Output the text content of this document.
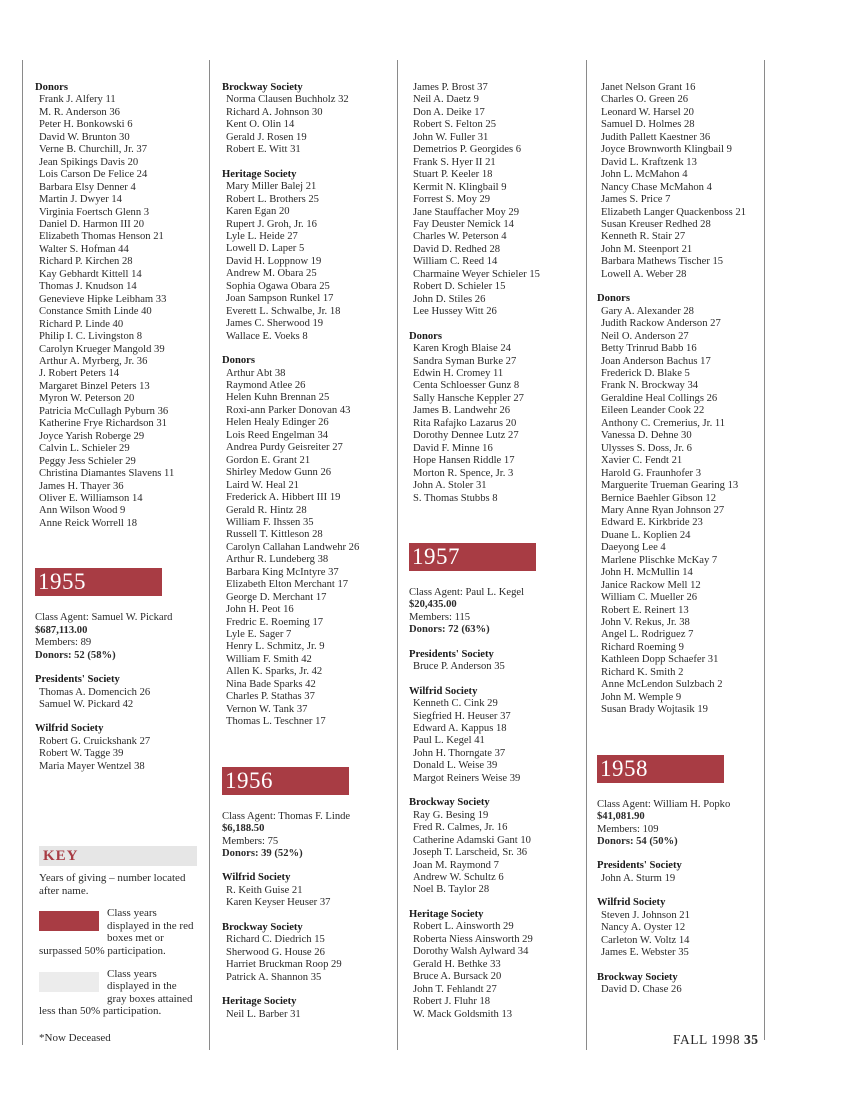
Donors
Frank J. Alfery 11
M. R. Anderson 36
Peter H. Bonkowski 6
David W. Brunton 30
Verne B. Churchill, Jr. 37
Jean Spikings Davis 20
Lois Carson De Felice 24
Barbara Elsy Denner 4
Martin J. Dwyer 14
Virginia Foertsch Glenn 3
Daniel D. Harmon III 20
Elizabeth Thomas Henson 21
Walter S. Hofman 44
Richard P. Kirchen 28
Kay Gebhardt Kittell 14
Thomas J. Knudson 14
Genevieve Hipke Leibham 33
Constance Smith Linde 40
Richard P. Linde 40
Philip I. C. Livingston 8
Carolyn Krueger Mangold 39
Arthur A. Myrberg, Jr. 36
J. Robert Peters 14
Margaret Binzel Peters 13
Myron W. Peterson 20
Patricia McCullagh Pyburn 36
Katherine Frye Richardson 31
Joyce Yarish Roberge 29
Calvin L. Schieler 29
Peggy Jess Schieler 29
Christina Diamantes Slavens 11
James H. Thayer 36
Oliver E. Williamson 14
Ann Wilson Wood 9
Anne Reick Worrell 18
1955
Class Agent: Samuel W. Pickard
$687,113.00
Members: 89
Donors: 52 (58%)
Presidents' Society
Thomas A. Domencich 26
Samuel W. Pickard 42
Wilfrid Society
Robert G. Cruickshank 27
Robert W. Tagge 39
Maria Mayer Wentzel 38
KEY
Years of giving – number located after name.
Class years displayed in the red boxes met or surpassed 50% participation.
Class years displayed in the gray boxes attained less than 50% participation.
*Now Deceased
Brockway Society
Norma Clausen Buchholz 32
Richard A. Johnson 30
Kent O. Olin 14
Gerald J. Rosen 19
Robert E. Witt 31
Heritage Society
Mary Miller Balej 21
Robert L. Brothers 25
Karen Egan 20
Rupert J. Groh, Jr. 16
Lyle L. Heide 27
Lowell D. Laper 5
David H. Loppnow 19
Andrew M. Obara 25
Sophia Ogawa Obara 25
Joan Sampson Runkel 17
Everett L. Schwalbe, Jr. 18
James C. Sherwood 19
Wallace E. Voeks 8
Donors
Arthur Abt 38
Raymond Atlee 26
Helen Kuhn Brennan 25
Roxi-ann Parker Donovan 43
Helen Healy Edinger 26
Lois Reed Engelman 34
Andrea Purdy Geisreiter 27
Gordon E. Grant 21
Shirley Medow Gunn 26
Laird W. Heal 21
Frederick A. Hibbert III 19
Gerald R. Hintz 28
William F. Ihssen 35
Russell T. Kittleson 28
Carolyn Callahan Landwehr 26
Arthur R. Lundeberg 38
Barbara King McIntyre 37
Elizabeth Elton Merchant 17
George D. Merchant 17
John H. Peot 16
Fredric E. Roeming 17
Lyle E. Sager 7
Henry L. Schmitz, Jr. 9
William F. Smith 42
Allen K. Sparks, Jr. 42
Nina Bade Sparks 42
Charles P. Stathas 37
Vernon W. Tank 37
Thomas L. Teschner 17
1956
Class Agent: Thomas F. Linde
$6,188.50
Members: 75
Donors: 39 (52%)
Wilfrid Society
R. Keith Guise 21
Karen Keyser Heuser 37
Brockway Society
Richard C. Diedrich 15
Sherwood G. House 26
Harriet Bruckman Roop 29
Patrick A. Shannon 35
Heritage Society
Neil L. Barber 31
James P. Brost 37
Neil A. Daetz 9
Don A. Deike 17
Robert S. Felton 25
John W. Fuller 31
Demetrios P. Georgides 6
Frank S. Hyer II 21
Stuart P. Keeler 18
Kermit N. Klingbail 9
Forrest S. Moy 29
Jane Stauffacher Moy 29
Fay Deuster Nemick 14
Charles W. Peterson 4
David D. Redhed 28
William C. Reed 14
Charmaine Weyer Schieler 15
Robert D. Schieler 15
John D. Stiles 26
Lee Hussey Witt 26
Donors
Karen Krogh Blaise 24
Sandra Syman Burke 27
Edwin H. Cromey 11
Centa Schloesser Gunz 8
Sally Hansche Keppler 27
James B. Landwehr 26
Rita Rafajko Lazarus 20
Dorothy Dennee Lutz 27
David F. Minne 16
Hope Hansen Riddle 17
Morton R. Spence, Jr. 3
John A. Stoler 31
S. Thomas Stubbs 8
1957
Class Agent: Paul L. Kegel
$20,435.00
Members: 115
Donors: 72 (63%)
Presidents' Society
Bruce P. Anderson 35
Wilfrid Society
Kenneth C. Cink 29
Siegfried H. Heuser 37
Edward A. Kappus 18
Paul L. Kegel 41
John H. Thorngate 37
Donald L. Weise 39
Margot Reiners Weise 39
Brockway Society
Ray G. Besing 19
Fred R. Calmes, Jr. 16
Catherine Adamski Gant 10
Joseph T. Larscheid, Sr. 36
Joan M. Raymond 7
Andrew W. Schultz 6
Noel B. Taylor 28
Heritage Society
Robert L. Ainsworth 29
Roberta Niess Ainsworth 29
Dorothy Walsh Aylward 34
Gerald H. Bethke 33
Bruce A. Bursack 20
John T. Fehlandt 27
Robert J. Fluhr 18
W. Mack Goldsmith 13
Janet Nelson Grant 16
Charles O. Green 26
Leonard W. Harsel 20
Samuel D. Holmes 28
Judith Pallett Kaestner 36
Joyce Brownworth Klingbail 9
David L. Kraftzenk 13
John L. McMahon 4
Nancy Chase McMahon 4
James S. Price 7
Elizabeth Langer Quackenboss 21
Susan Kreuser Redhed 28
Kenneth R. Stair 27
John M. Steenport 21
Barbara Mathews Tischer 15
Lowell A. Weber 28
Donors
Gary A. Alexander 28
Judith Rackow Anderson 27
Neil O. Anderson 27
Betty Trinrud Babb 16
Joan Anderson Bachus 17
Frederick D. Blake 5
Frank N. Brockway 34
Geraldine Heal Collings 26
Eileen Leander Cook 22
Anthony C. Cremerius, Jr. 11
Vanessa D. Dehne 30
Ulysses S. Doss, Jr. 6
Xavier C. Fendt 21
Harold G. Fraunhofer 3
Marguerite Trueman Gearing 13
Bernice Baehler Gibson 12
Mary Anne Ryan Johnson 27
Edward E. Kirkbride 23
Duane L. Koplien 24
Daeyong Lee 4
Marlene Plischke McKay 7
John H. McMullin 14
Janice Rackow Mell 12
William C. Mueller 26
Robert E. Reinert 13
John V. Rekus, Jr. 38
Angel L. Rodriguez 7
Richard Roeming 9
Kathleen Dopp Schaefer 31
Richard K. Smith 2
Anne McLendon Sulzbach 2
John M. Wemple 9
Susan Brady Wojtasik 19
1958
Class Agent: William H. Popko
$41,081.90
Members: 109
Donors: 54 (50%)
Presidents' Society
John A. Sturm 19
Wilfrid Society
Steven J. Johnson 21
Nancy A. Oyster 12
Carleton W. Voltz 14
James E. Webster 35
Brockway Society
David D. Chase 26
FALL 1998 35
